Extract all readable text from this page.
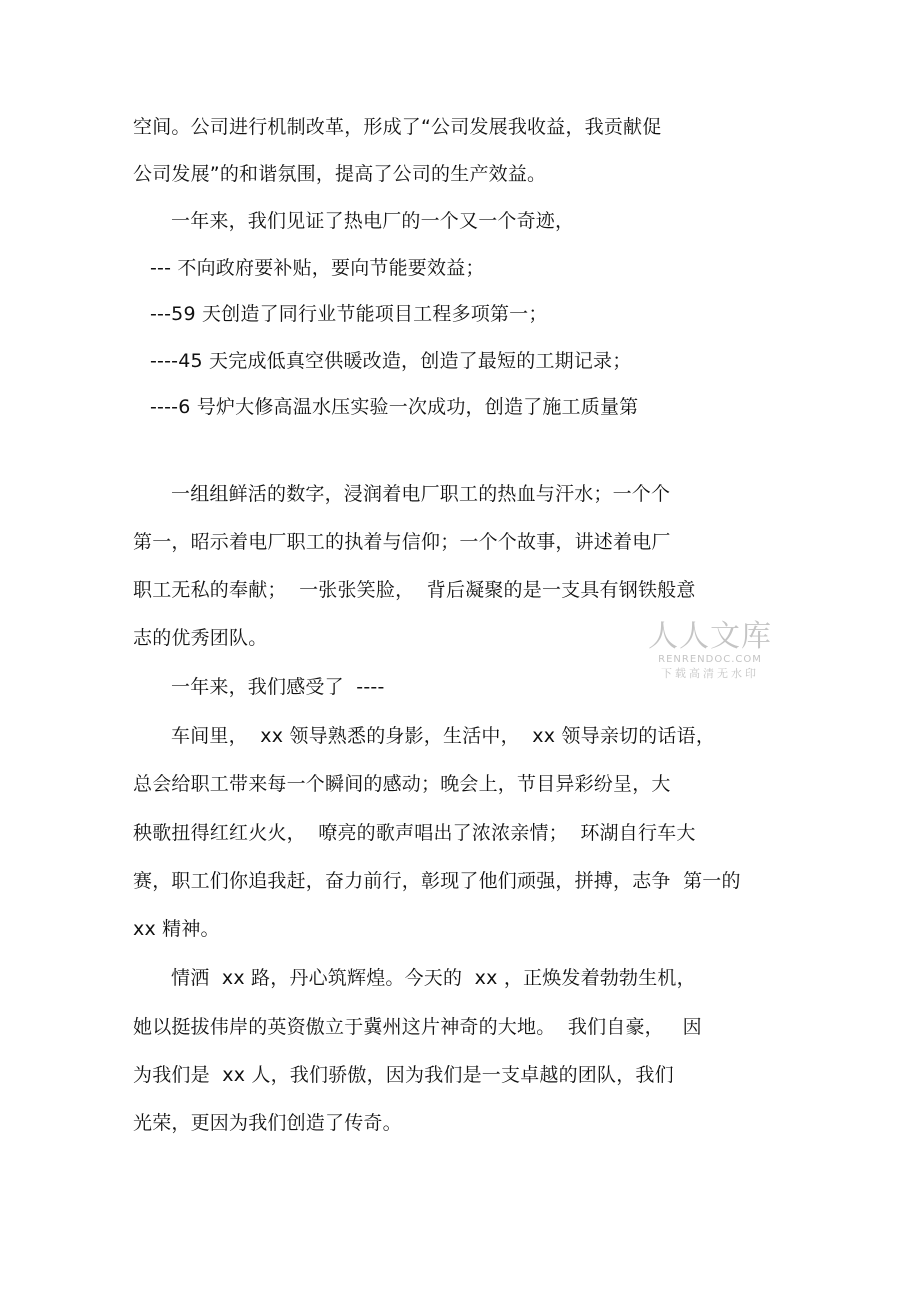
空间。公司进行机制改革，形成了“公司发展我收益，我贡献促
公司发展”的和谐氛围，提高了公司的生产效益。
一年来，我们见证了热电厂的一个又一个奇迹，
--- 不向政府要补贴，要向节能要效益；
---59 天创造了同行业节能项目工程多项第一；
----45 天完成低真空供暖改造，创造了最短的工期记录；
----6 号炉大修高温水压实验一次成功，创造了施工质量第
一组组鲜活的数字，浸润着电厂职工的热血与汗水；一个个
第一，昭示着电厂职工的执着与信仰；一个个故事，讲述着电厂
职工无私的奉献；  一张张笑脸，  背后凝聚的是一支具有钢铁般意
志的优秀团队。
一年来，我们感受了  ----
车间里，  xx 领导熟悉的身影，生活中，  xx 领导亲切的话语，
总会给职工带来每一个瞬间的感动；晚会上，节目异彩纷呈，大
秧歌扭得红红火火，  嘹亮的歌声唱出了浓浓亲情；  环湖自行车大
赛，职工们你追我赶，奋力前行，彰现了他们顽强，拼搏，志争  第一的
xx 精神。
情洒  xx 路，丹心筑辉煌。今天的  xx ，正焕发着勃勃生机，
她以挺拔伟岸的英资傲立于冀州这片神奇的大地。  我们自豪，   因
为我们是  xx 人，我们骄傲，因为我们是一支卓越的团队，我们
光荣，更因为我们创造了传奇。
人人文库
RENRENDOC.COM
下载高清无水印
